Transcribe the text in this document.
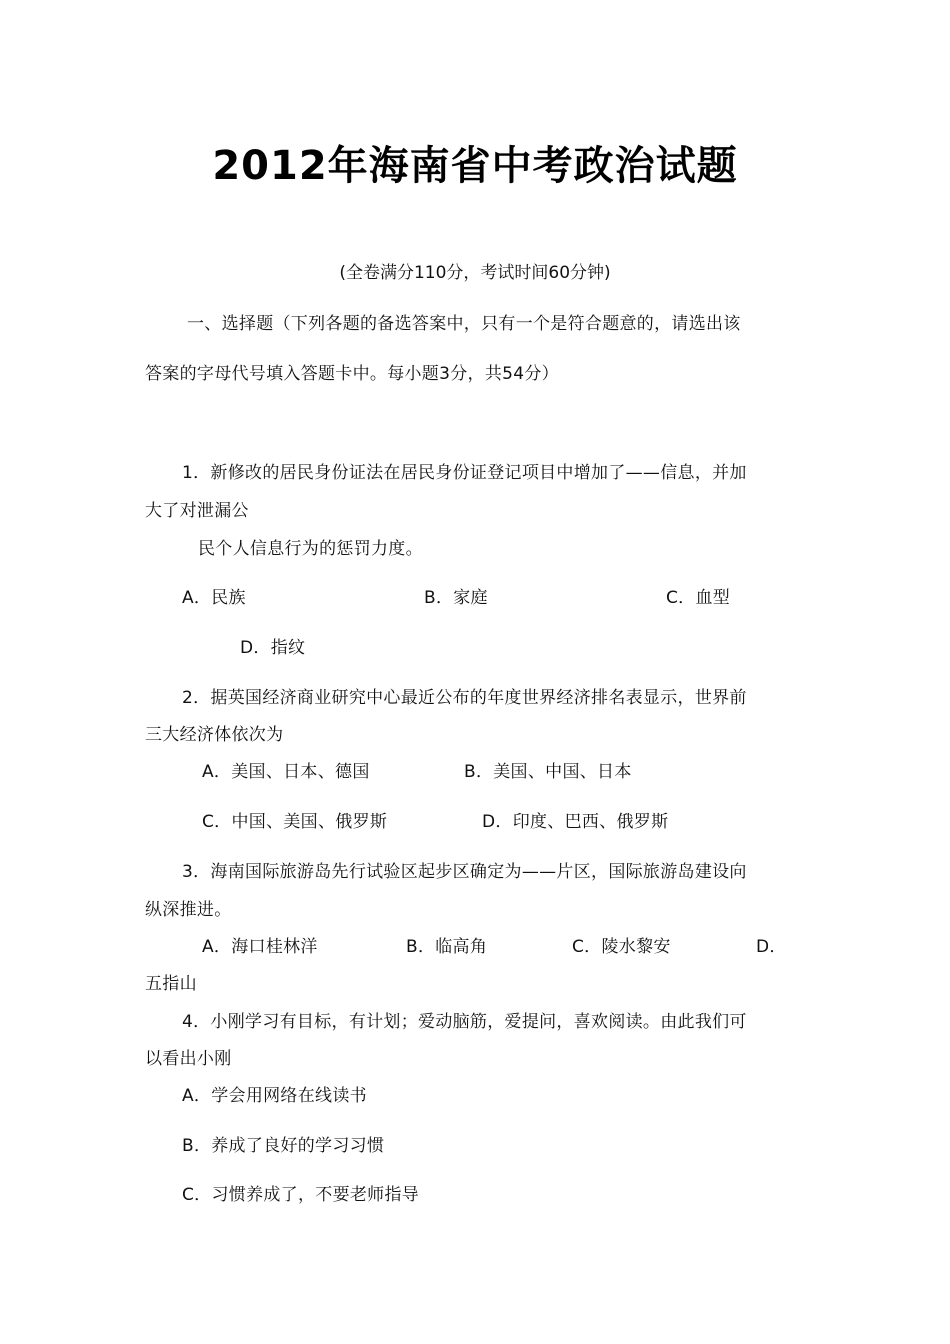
2012年海南省中考政治试题
(全卷满分110分，考试时间60分钟)
一、选择题（下列各题的备选答案中，只有一个是符合题意的，请选出该
答案的字母代号填入答题卡中。每小题3分，共54分）
1．新修改的居民身份证法在居民身份证登记项目中增加了——信息，并加
大了对泄漏公
民个人信息行为的惩罚力度。
A．民族	B．家庭	C．血型
D．指纹
2．据英国经济商业研究中心最近公布的年度世界经济排名表显示，世界前
三大经济体依次为
A．美国、日本、德国	B．美国、中国、日本
C．中国、美国、俄罗斯	D．印度、巴西、俄罗斯
3．海南国际旅游岛先行试验区起步区确定为——片区，国际旅游岛建设向
纵深推进。
A．海口桂林洋	B．临高角	C．陵水黎安	D．
五指山
4．小刚学习有目标，有计划；爱动脑筋，爱提问，喜欢阅读。由此我们可
以看出小刚
A．学会用网络在线读书
B．养成了良好的学习习惯
C．习惯养成了，不要老师指导
